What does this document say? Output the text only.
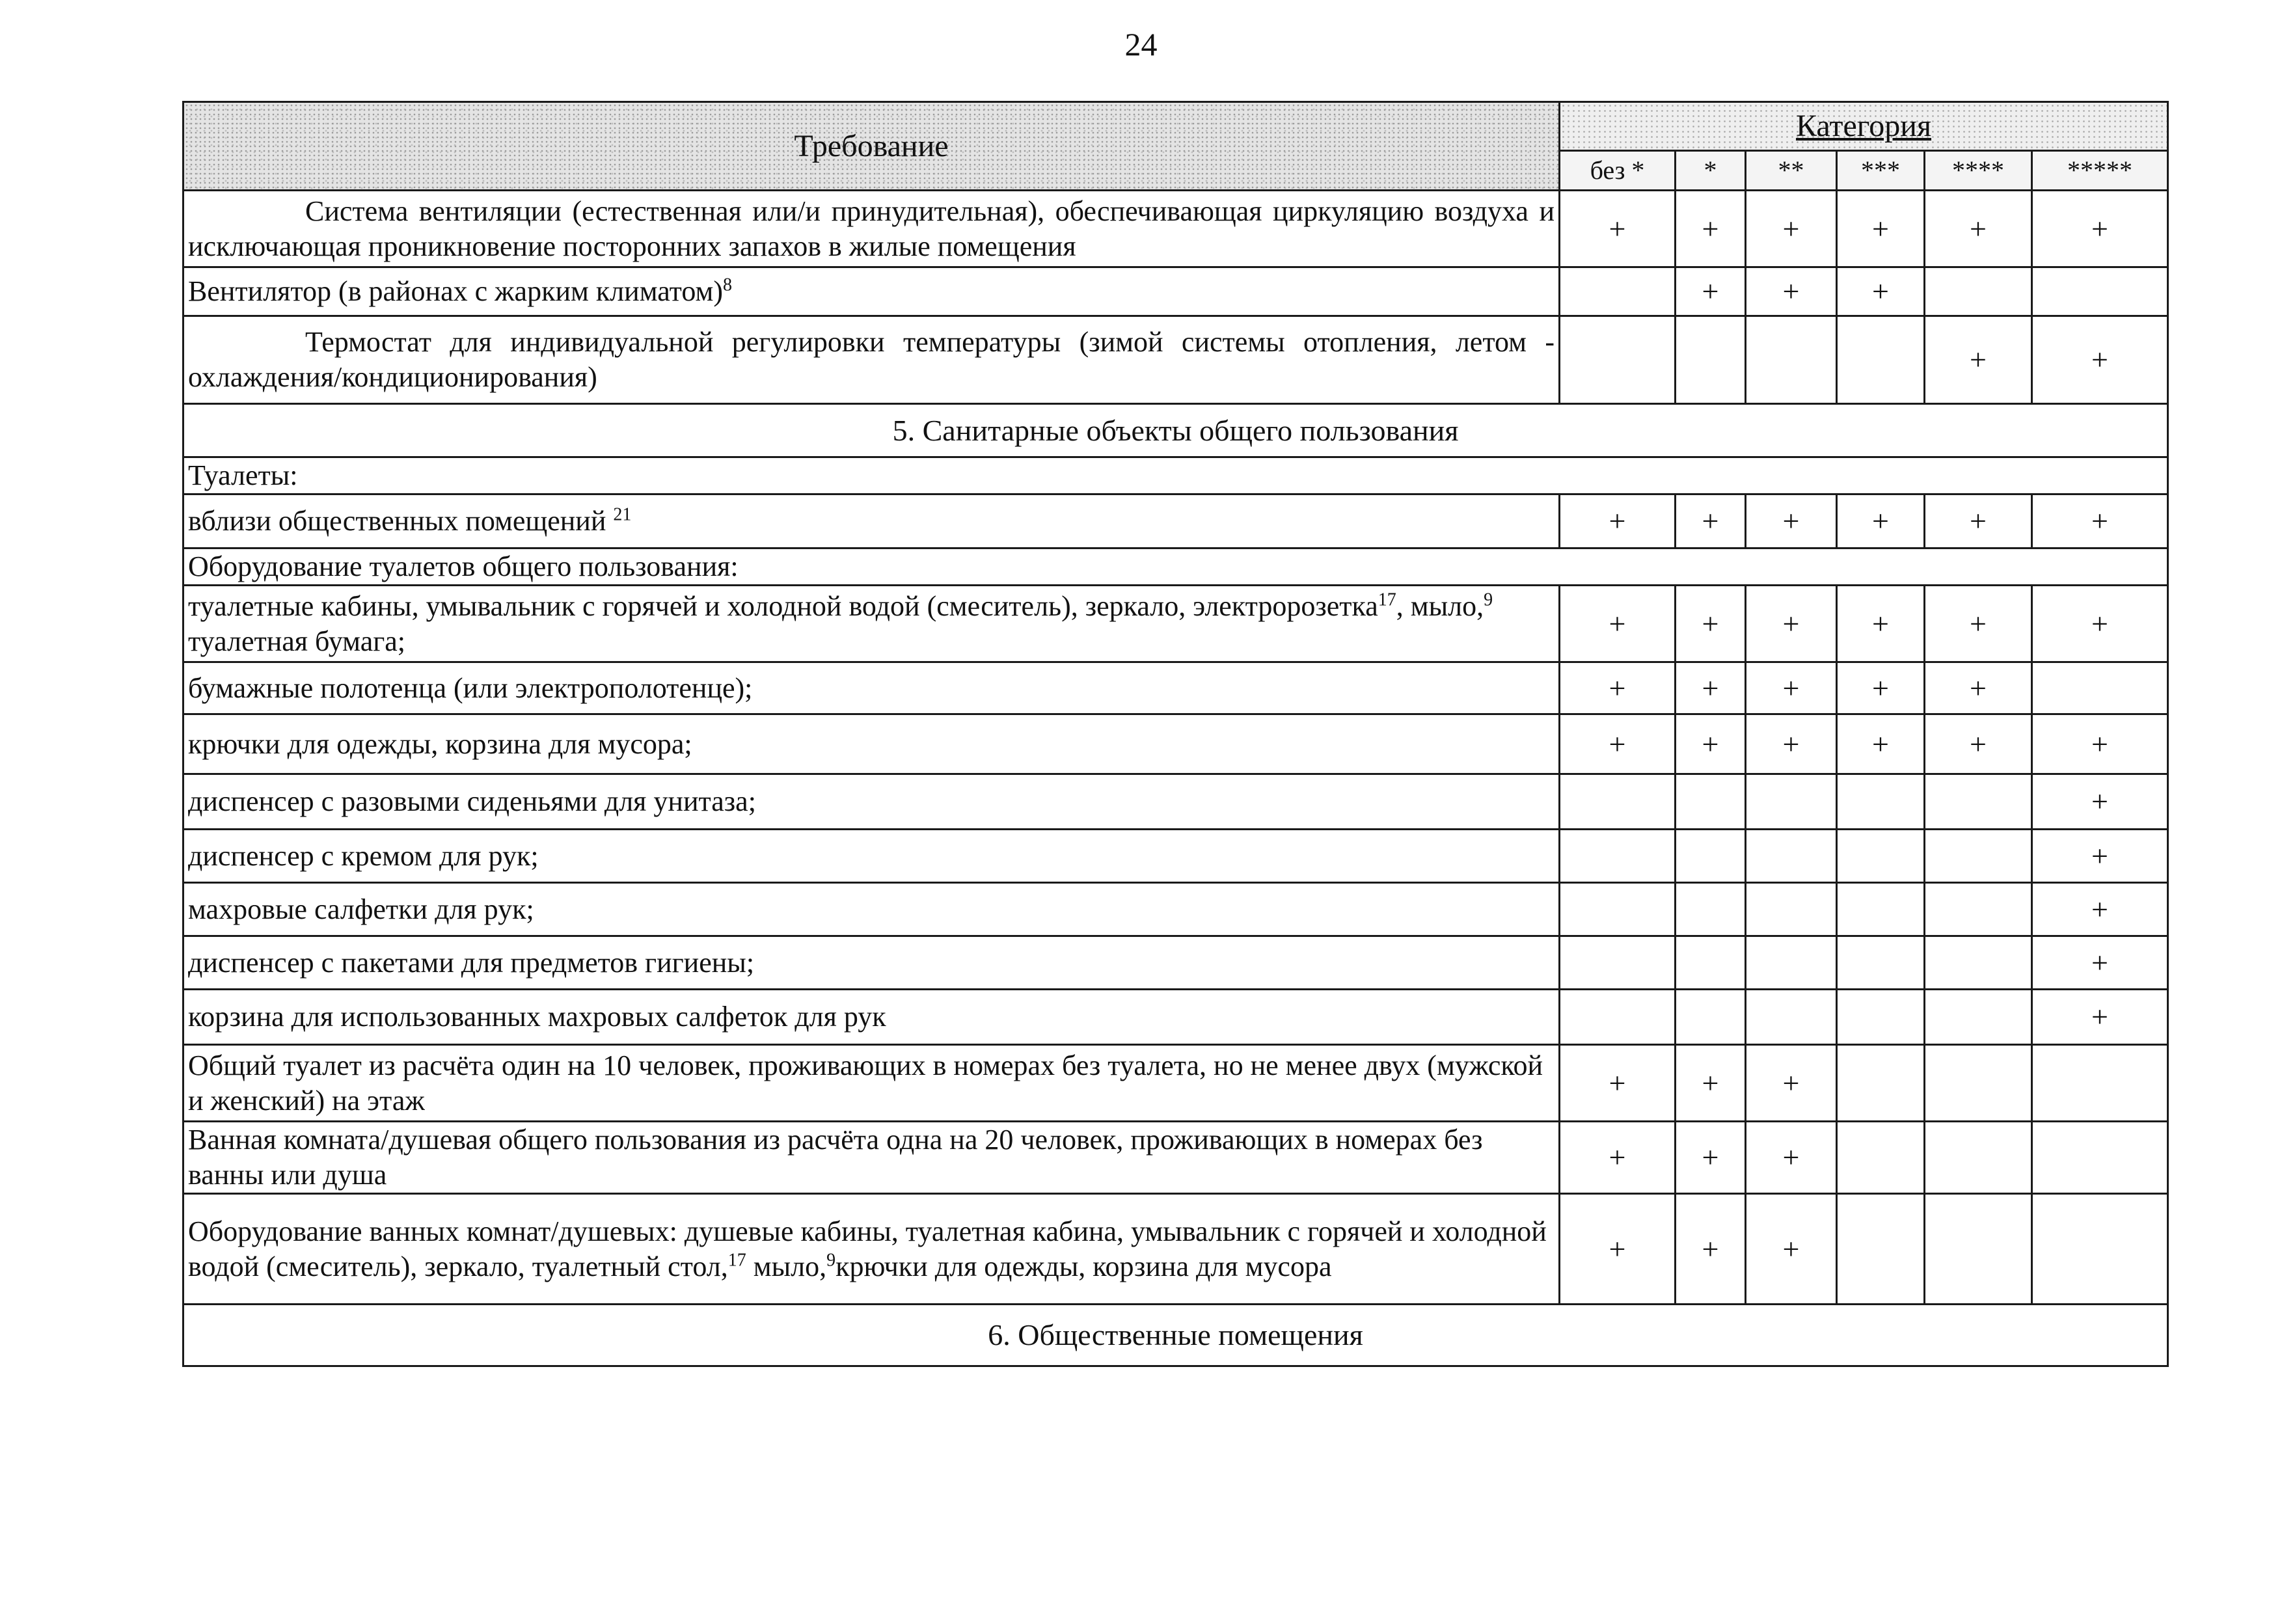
24
Требование	Категория					
	без *	*	**	***	****	*****
Система вентиляции (естественная или/и принудительная), обеспечивающая циркуляцию воздуха и исключающая проникновение посторонних запахов в жилые помещения	+	+	+	+	+	+
Вентилятор (в районах с жарким климатом)$^8$		+	+	+		
Термостат для индивидуальной регулировки температуры (зимой системы отопления, летом - охлаждения/кондиционирования)					+	+
5. Санитарные объекты общего пользования						
Туалеты:						
вблизи общественных помещений $^{21}$	+	+	+	+	+	+
Оборудование туалетов общего пользования:						
туалетные кабины, умывальник с горячей и холодной водой (смеситель), зеркало, электророзетка$^{17}$, мыло,$^9$ туалетная бумага;	+	+	+	+	+	+
бумажные полотенца (или электрополотенце);	+	+	+	+	+	
крючки для одежды, корзина для мусора;	+	+	+	+	+	+
диспенсер с разовыми сиденьями для унитаза;						+
диспенсер с кремом для рук;						+
махровые салфетки для рук;						+
диспенсер с пакетами для предметов гигиены;						+
корзина для использованных махровых салфеток для рук						+
Общий туалет из расчёта один на 10 человек, проживающих в номерах без туалета, но не менее двух (мужской и женский) на этаж	+	+	+			
Ванная комната/душевая общего пользования из расчёта одна на 20 человек, проживающих в номерах без ванны или душа	+	+	+			
Оборудование ванных комнат/душевых: душевые кабины, туалетная кабина, умывальник с горячей и холодной водой (смеситель), зеркало, туалетный стол,$^{17}$ мыло,$^9$крючки для одежды, корзина для мусора	+	+	+			
6. Общественные помещения						
